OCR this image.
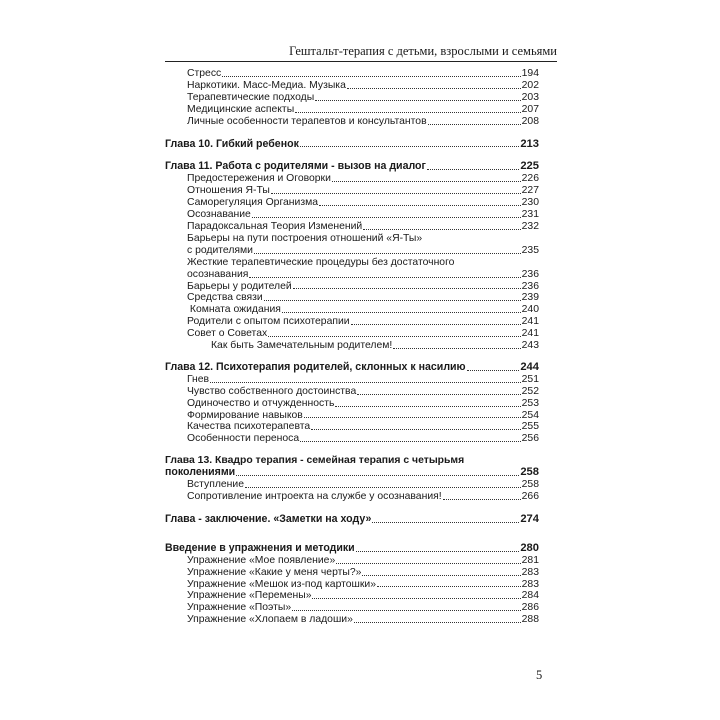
Гештальт-терапия с детьми, взрослыми и семьями
Стресс	194
Наркотики. Масс-Медиа. Музыка	202
Терапевтические подходы	203
Медицинские аспекты	207
Личные особенности терапевтов и консультантов	208
Глава 10. Гибкий ребенок	213
Глава 11. Работа с родителями - вызов на диалог	225
Предостережения и Оговорки	226
Отношения Я-Ты	227
Саморегуляция Организма	230
Осознавание	231
Парадоксальная Теория Изменений	232
Барьеры на пути построения отношений «Я-Ты»
с родителями	235
Жесткие терапевтические процедуры без достаточного
осознавания	236
Барьеры у родителей	236
Средства связи	239
Комната ожидания	240
Родители с опытом психотерапии	241
Совет о Советах	241
Как быть Замечательным родителем!	243
Глава 12. Психотерапия родителей, склонных к насилию	244
Гнев	251
Чувство собственного достоинства	252
Одиночество и отчужденность	253
Формирование навыков	254
Качества психотерапевта	255
Особенности переноса	256
Глава 13. Квадро терапия - семейная терапия с четырьмя
поколениями	258
Вступление	258
Сопротивление интроекта на службе у осознавания!	266
Глава - заключение. «Заметки на ходу»	274
Введение в упражнения и методики	280
Упражнение «Мое появление»	281
Упражнение «Какие у меня черты?»	283
Упражнение «Мешок из-под картошки»	283
Упражнение «Перемены»	284
Упражнение «Поэты»	286
Упражнение «Хлопаем в ладоши»	288
5
